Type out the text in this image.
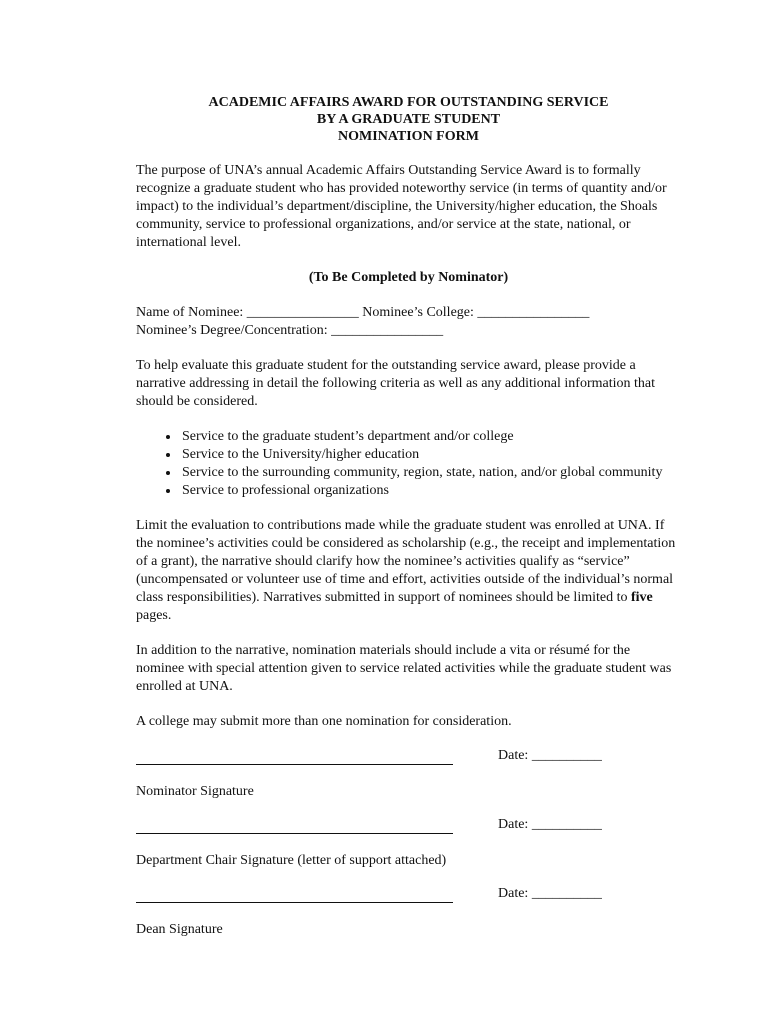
ACADEMIC AFFAIRS AWARD FOR OUTSTANDING SERVICE

BY A GRADUATE STUDENT

NOMINATION FORM

The purpose of UNA’s annual Academic Affairs Outstanding Service Award is to formally recognize a graduate student who has provided noteworthy service (in terms of quantity and/or impact) to the individual’s department/discipline, the University/higher education, the Shoals community, service to professional organizations, and/or service at the state, national, or international level.

(To Be Completed by Nominator)

Name of Nominee: ________________ Nominee’s College: ________________
Nominee’s Degree/Concentration: ________________

To help evaluate this graduate student for the outstanding service award, please provide a narrative addressing in detail the following criteria as well as any additional information that should be considered.

• Service to the graduate student’s department and/or college
• Service to the University/higher education
• Service to the surrounding community, region, state, nation, and/or global community
• Service to professional organizations

Limit the evaluation to contributions made while the graduate student was enrolled at UNA. If the nominee’s activities could be considered as scholarship (e.g., the receipt and implementation of a grant), the narrative should clarify how the nominee’s activities qualify as “service” (uncompensated or volunteer use of time and effort, activities outside of the individual’s normal class responsibilities). Narratives submitted in support of nominees should be limited to five pages.

In addition to the narrative, nomination materials should include a vita or résumé for the nominee with special attention given to service related activities while the graduate student was enrolled at UNA.

A college may submit more than one nomination for consideration.

Date: __________

Nominator Signature

Date: __________

Department Chair Signature (letter of support attached)

Date: __________

Dean Signature
